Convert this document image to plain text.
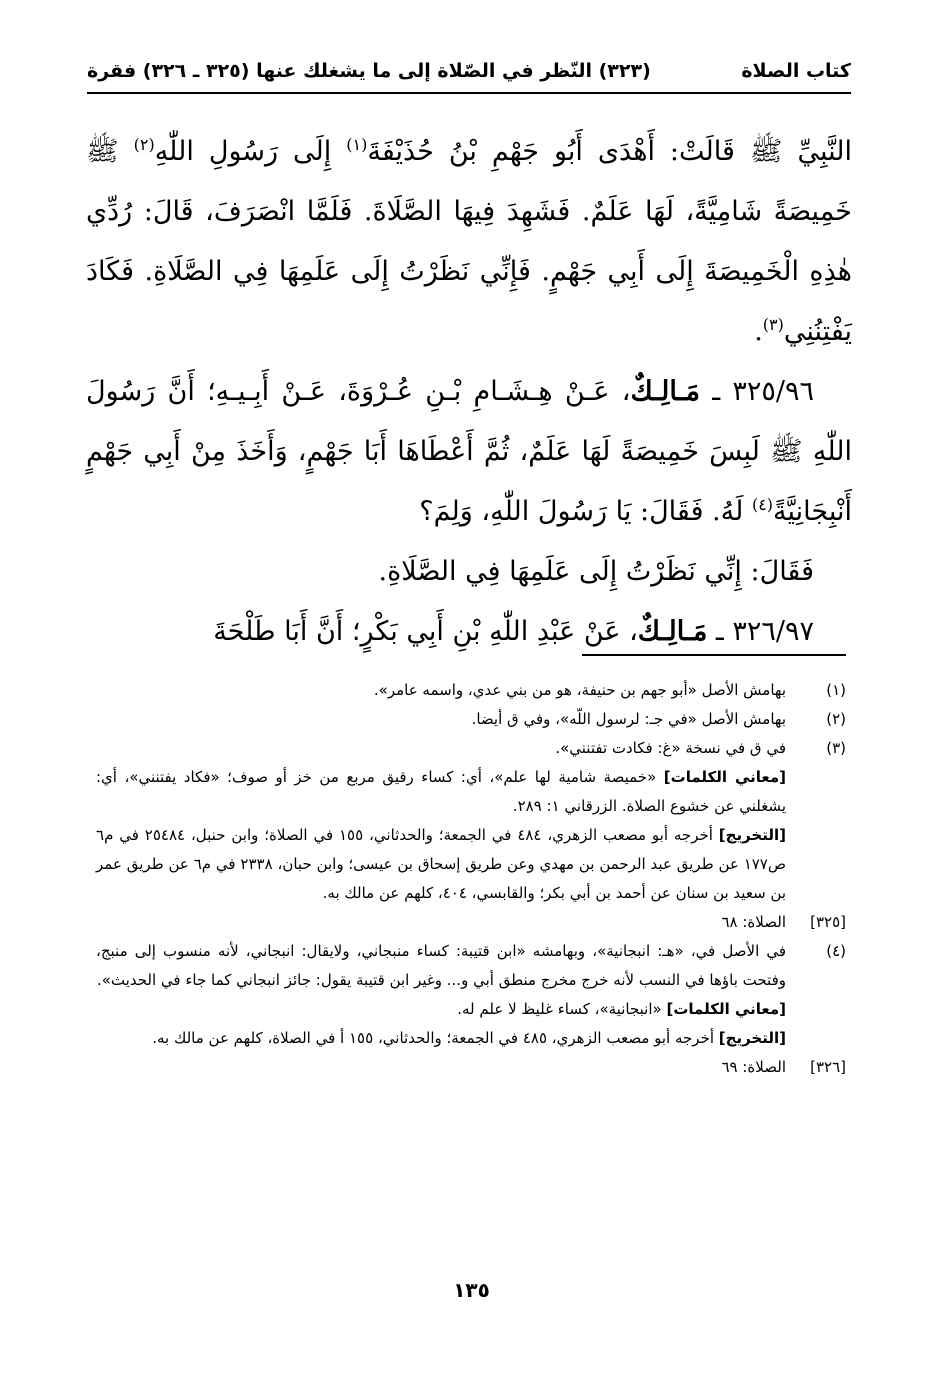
كتاب الصلاة
(٣٢٣) النّظر في الصّلاة إلى ما يشغلك عنها (٣٢٥ ـ ٣٢٦) فقرة

النَّبِيِّ ﷺ قَالَتْ: أَهْدَى أَبُو جَهْمِ بْنُ حُذَيْفَةَ$^{(١)}$ إِلَى رَسُولِ اللّٰهِ$^{(٢)}$ ﷺ خَمِيصَةً شَامِيَّةً، لَهَا عَلَمٌ. فَشَهِدَ فِيهَا الصَّلَاةَ. فَلَمَّا انْصَرَفَ، قَالَ: رُدِّي هٰذِهِ الْخَمِيصَةَ إِلَى أَبِي جَهْمٍ. فَإِنِّي نَظَرْتُ إِلَى عَلَمِهَا فِي الصَّلَاةِ. فَكَادَ يَفْتِنُنِي$^{(٣)}$.

٣٢٥/٩٦ ـ مَـالِـكٌ، عَـنْ هِـشَـامِ بْـنِ عُـرْوَةَ، عَـنْ أَبِـيـهِ؛ أَنَّ رَسُولَ اللّٰهِ ﷺ لَبِسَ خَمِيصَةً لَهَا عَلَمٌ، ثُمَّ أَعْطَاهَا أَبَا جَهْمٍ، وَأَخَذَ مِنْ أَبِي جَهْمٍ أَنْبِجَانِيَّةً$^{(٤)}$ لَهُ. فَقَالَ: يَا رَسُولَ اللّٰهِ، وَلِمَ؟

فَقَالَ: إِنِّي نَظَرْتُ إِلَى عَلَمِهَا فِي الصَّلَاةِ.

٣٢٦/٩٧ ـ مَـالِـكٌ، عَنْ عَبْدِ اللّٰهِ بْنِ أَبِي بَكْرٍ؛ أَنَّ أَبَا طَلْحَةَ

(١)

بهامش الأصل «أبو جهم بن حنيفة، هو من بني عدي، واسمه عامر».

(٢)

بهامش الأصل «في جـ: لرسول اللّه»، وفي ق أيضا.

(٣)

في ق في نسخة «غ: فكادت تفتنني».

[معاني الكلمات] «خميصة شامية لها علم»، أي: كساء رقيق مربع من خز أو صوف؛ «فكاد يفتنني»، أي: يشغلني عن خشوع الصلاة. الزرقاني ١: ٢٨٩.

[التخريج] أخرجه أبو مصعب الزهري، ٤٨٤ في الجمعة؛ والحدثاني، ١٥٥ في الصلاة؛ وابن حنبل، ٢٥٤٨٤ في م٦ ص١٧٧ عن طريق عبد الرحمن بن مهدي وعن طريق إسحاق بن عيسى؛ وابن حبان، ٢٣٣٨ في م٦ عن طريق عمر بن سعيد بن سنان عن أحمد بن أبي بكر؛ والقابسي، ٤٠٤، كلهم عن مالك به.

[٣٢٥]

الصلاة: ٦٨

(٤)

في الأصل في، «هـ: انبجانية»، وبهامشه «ابن قتيبة: كساء منبجاني، ولايقال: انبجاني، لأنه منسوب إلى منبج، وفتحت باؤها في النسب لأنه خرج مخرج منطق أبي و... وغير ابن قتيبة يقول: جائز انبجاني كما جاء في الحديث».

[معاني الكلمات] «انبجانية»، كساء غليظ لا علم له.

[التخريج] أخرجه أبو مصعب الزهري، ٤٨٥ في الجمعة؛ والحدثاني، ١٥٥ أ في الصلاة، كلهم عن مالك به.

[٣٢٦]

الصلاة: ٦٩

١٣٥
